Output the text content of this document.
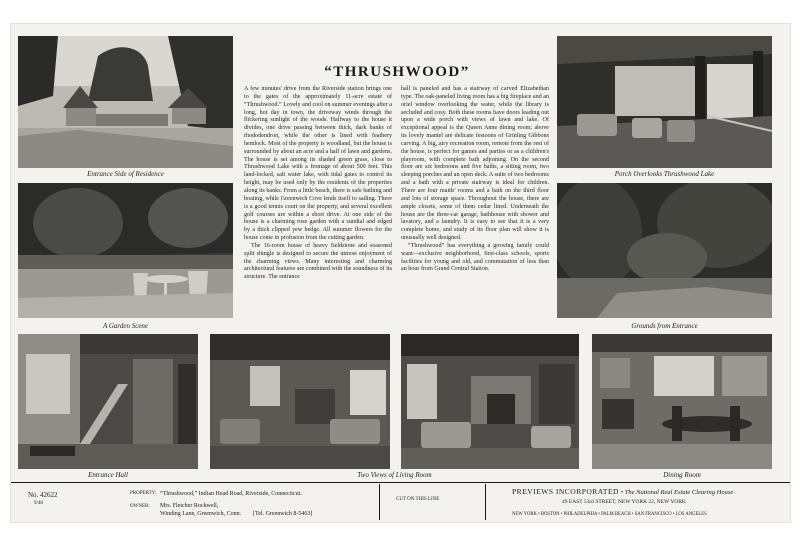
Entrance Side of Residence
A Garden Scene
“THRUSHWOOD”

A few minutes' drive from the Riverside station brings one to the gates of the approximately 11-acre estate of “Thrushwood.” Lovely and cool on summer evenings after a long, hot day in town, the driveway winds through the flickering sunlight of the woods. Halfway to the house it divides, one drive passing between thick, dark banks of rhododendron, while the other is lined with feathery hemlock. Most of the property is woodland, but the house is surrounded by about an acre and a half of lawn and gardens. The house is set among its shaded green grass, close to Thrushwood Lake with a frontage of about 500 feet. This land-locked, salt water lake, with tidal gates to control its height, may be used only by the residents of the properties along its banks. From a little beach, there is safe bathing and boating, while Greenwich Cove lends itself to sailing. There is a good tennis court on the property, and several excellent golf courses are within a short drive. At one side of the house is a charming rose garden with a sundial and edged by a thick clipped yew hedge. All summer flowers for the house come in profusion from the cutting garden.

The 16-room house of heavy fieldstone and seasoned split shingle is designed to secure the utmost enjoyment of the charming views. Many interesting and charming architectural features are combined with the soundness of its structure. The entrance

hall is paneled and has a stairway of carved Elizabethan type. The oak-paneled living room has a big fireplace and an oriel window overlooking the water, while the library is secluded and cosy. Both these rooms have doors leading out upon a wide porch with views of lawn and lake. Of exceptional appeal is the Queen Anne dining room; above its lovely mantel are delicate festoons of Grinling Gibbons carving. A big, airy recreation room, remote from the rest of the house, is perfect for games and parties or as a children's playroom, with complete bath adjoining. On the second floor are six bedrooms and five baths, a sitting room, two sleeping porches and an open deck. A suite of two bedrooms and a bath with a private stairway is ideal for children. There are four maids' rooms and a bath on the third floor and lots of storage space. Throughout the house, there are ample closets, some of them cedar lined. Underneath the house are the three-car garage, bathhouse with shower and lavatory, and a laundry. It is easy to see that it is a very complete home, and study of its floor plan will show it is unusually well designed.

“Thrushwood” has everything a growing family could want—exclusive neighborhood, first-class schools, sports facilities for young and old, and commutation of less than an hour from Grand Central Station.

Porch Overlooks Thrushwood Lake
Grounds from Entrance
Entrance Hall	Two Views of Living Room	Dining Room
No. 42622
9/48
PROPERTY: “Thrushwood,” Indian Head Road, Riverside, Connecticut.
OWNER: Mrs. Fletcher Rockwell,
Winding Lane, Greenwich, Conn. [Tel. Greenwich 8-5463]
CUT ON THIS LINE
PREVIEWS INCORPORATED • The National Real Estate Clearing House
49 EAST 53rd STREET, NEW YORK 22, NEW YORK
NEW YORK • BOSTON • PHILADELPHIA • PALM BEACH • SAN FRANCISCO • LOS ANGELES
